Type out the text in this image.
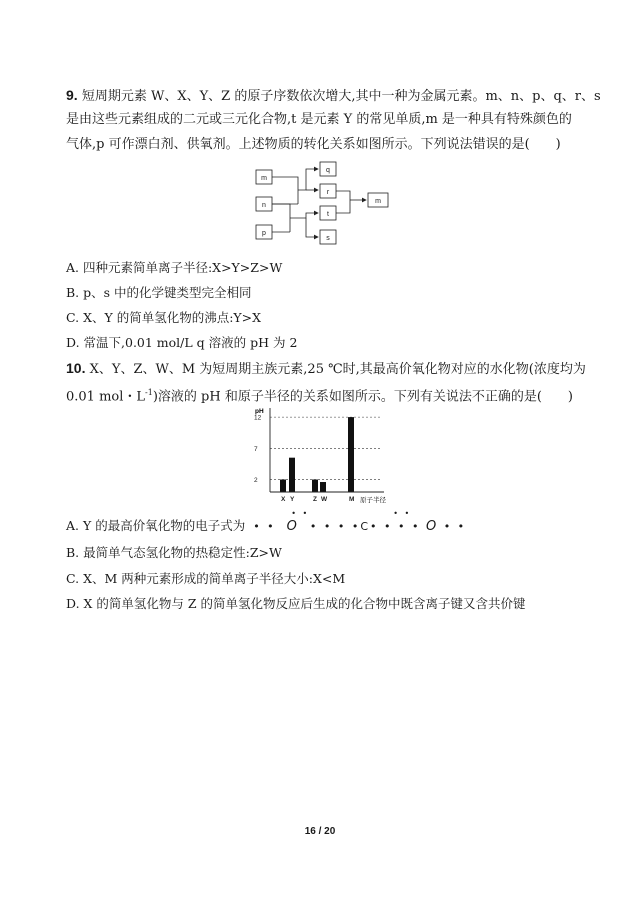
9. 短周期元素 W、X、Y、Z 的原子序数依次增大,其中一种为金属元素。m、n、p、q、r、s
是由这些元素组成的二元或三元化合物,t 是元素 Y 的常见单质,m 是一种具有特殊颜色的
气体,p 可作漂白剂、供氧剂。上述物质的转化关系如图所示。下列说法错误的是(　　)
m
n
p
q
r
t
s
m
A. 四种元素简单离子半径:X>Y>Z>W
B. p、s 中的化学键类型完全相同
C. X、Y 的简单氢化物的沸点:Y>X
D. 常温下,0.01 mol/L q 溶液的 pH 为 2
10. X、Y、Z、W、M 为短周期主族元素,25 ℃时,其最高价氧化物对应的水化物(浓度均为
0.01 mol・$L^{-1}$)溶液的 pH 和原子半径的关系如图所示。下列有关说法不正确的是(　　)
2
7
12
X Y	Z W	M
pH
原子半径
A. Y 的最高价氧化物的电子式为
• •	• •
• •  O  • • • •C• • • • O • •
B. 最简单气态氢化物的热稳定性:Z>W
C. X、M 两种元素形成的简单离子半径大小:X<M
D. X 的简单氢化物与 Z 的简单氢化物反应后生成的化合物中既含离子键又含共价键
16 / 20
